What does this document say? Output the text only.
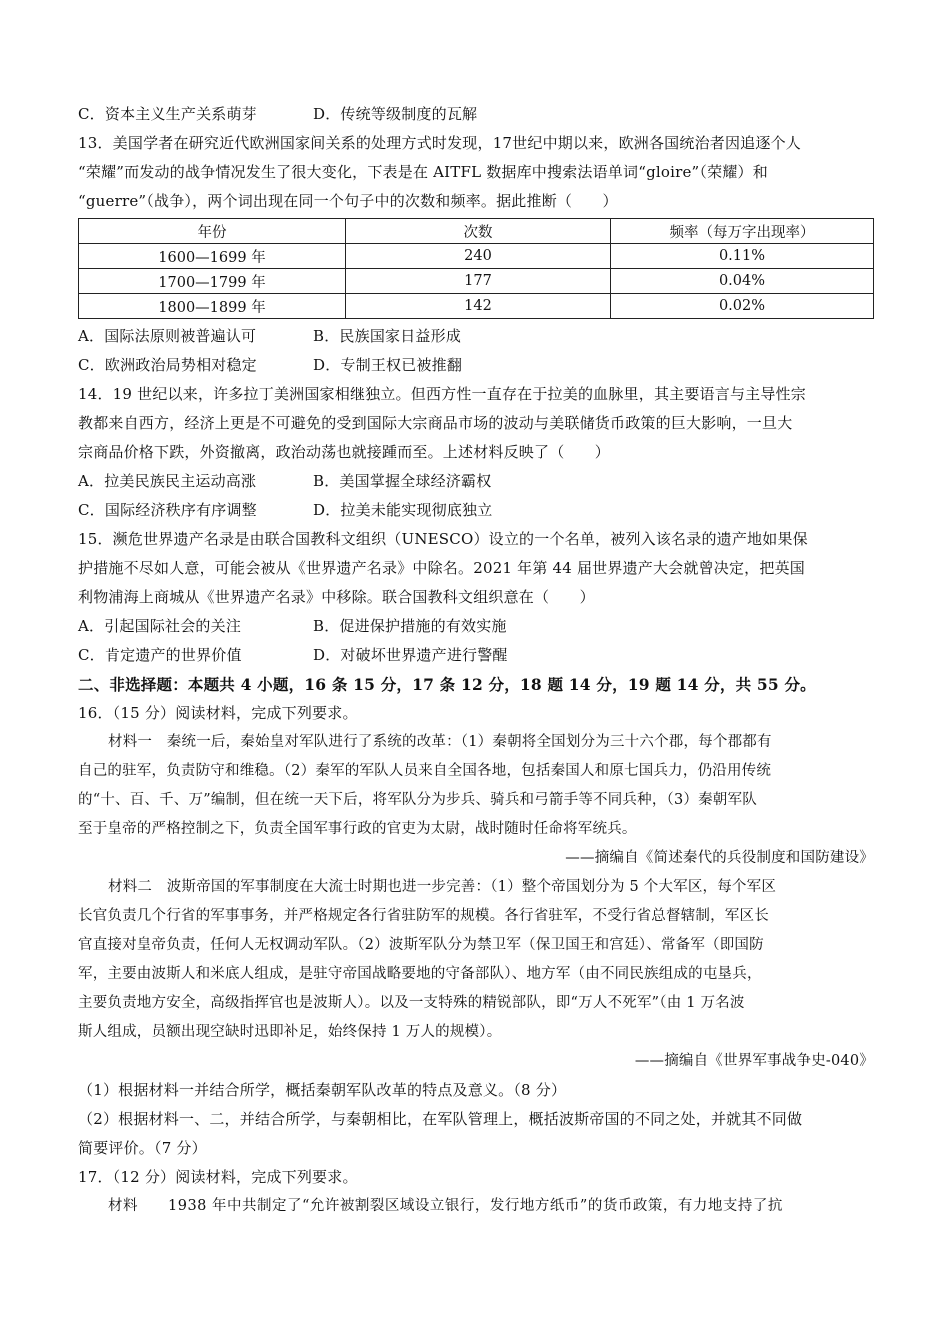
C．资本主义生产关系萌芽	D．传统等级制度的瓦解
13．美国学者在研究近代欧洲国家间关系的处理方式时发现，17世纪中期以来，欧洲各国统治者因追逐个人
“荣耀”而发动的战争情况发生了很大变化，下表是在 AITFL 数据库中搜索法语单词“gloire”（荣耀）和
“guerre”（战争），两个词出现在同一个句子中的次数和频率。据此推断（　　）
年份	次数	频率（每万字出现率）
1600—1699 年	240	0.11%
1700—1799 年	177	0.04%
1800—1899 年	142	0.02%
A．国际法原则被普遍认可	B．民族国家日益形成
C．欧洲政治局势相对稳定	D．专制王权已被推翻
14．19 世纪以来，许多拉丁美洲国家相继独立。但西方性一直存在于拉美的血脉里，其主要语言与主导性宗
教都来自西方，经济上更是不可避免的受到国际大宗商品市场的波动与美联储货币政策的巨大影响，一旦大
宗商品价格下跌，外资撤离，政治动荡也就接踵而至。上述材料反映了（　　）
A．拉美民族民主运动高涨	B．美国掌握全球经济霸权
C．国际经济秩序有序调整	D．拉美未能实现彻底独立
15．濒危世界遗产名录是由联合国教科文组织（UNESCO）设立的一个名单，被列入该名录的遗产地如果保
护措施不尽如人意，可能会被从《世界遗产名录》中除名。2021 年第 44 届世界遗产大会就曾决定，把英国
利物浦海上商城从《世界遗产名录》中移除。联合国教科文组织意在（　　）
A．引起国际社会的关注	B．促进保护措施的有效实施
C．肯定遗产的世界价值	D．对破坏世界遗产进行警醒
二、非选择题：本题共 4 小题，16 条 15 分，17 条 12 分，18 题 14 分，19 题 14 分，共 55 分。
16．（15 分）阅读材料，完成下列要求。
材料一　秦统一后，秦始皇对军队进行了系统的改革：（1）秦朝将全国划分为三十六个郡，每个郡都有
自己的驻军，负责防守和维稳。（2）秦军的军队人员来自全国各地，包括秦国人和原七国兵力，仍沿用传统
的“十、百、千、万”编制，但在统一天下后，将军队分为步兵、骑兵和弓箭手等不同兵种，（3）秦朝军队
至于皇帝的严格控制之下，负责全国军事行政的官吏为太尉，战时随时任命将军统兵。
——摘编自《简述秦代的兵役制度和国防建设》
材料二　波斯帝国的军事制度在大流士时期也进一步完善：（1）整个帝国划分为 5 个大军区，每个军区
长官负责几个行省的军事事务，并严格规定各行省驻防军的规模。各行省驻军，不受行省总督辖制，军区长
官直接对皇帝负责，任何人无权调动军队。（2）波斯军队分为禁卫军（保卫国王和宫廷）、常备军（即国防
军，主要由波斯人和米底人组成，是驻守帝国战略要地的守备部队）、地方军（由不同民族组成的屯垦兵，
主要负责地方安全，高级指挥官也是波斯人）。以及一支特殊的精锐部队，即“万人不死军”（由 1 万名波
斯人组成，员额出现空缺时迅即补足，始终保持 1 万人的规模）。
——摘编自《世界军事战争史-040》
（1）根据材料一并结合所学，概括秦朝军队改革的特点及意义。（8 分）
（2）根据材料一、二，并结合所学，与秦朝相比，在军队管理上，概括波斯帝国的不同之处，并就其不同做
简要评价。（7 分）
17．（12 分）阅读材料，完成下列要求。
材料　　1938 年中共制定了“允许被割裂区域设立银行，发行地方纸币”的货币政策，有力地支持了抗
